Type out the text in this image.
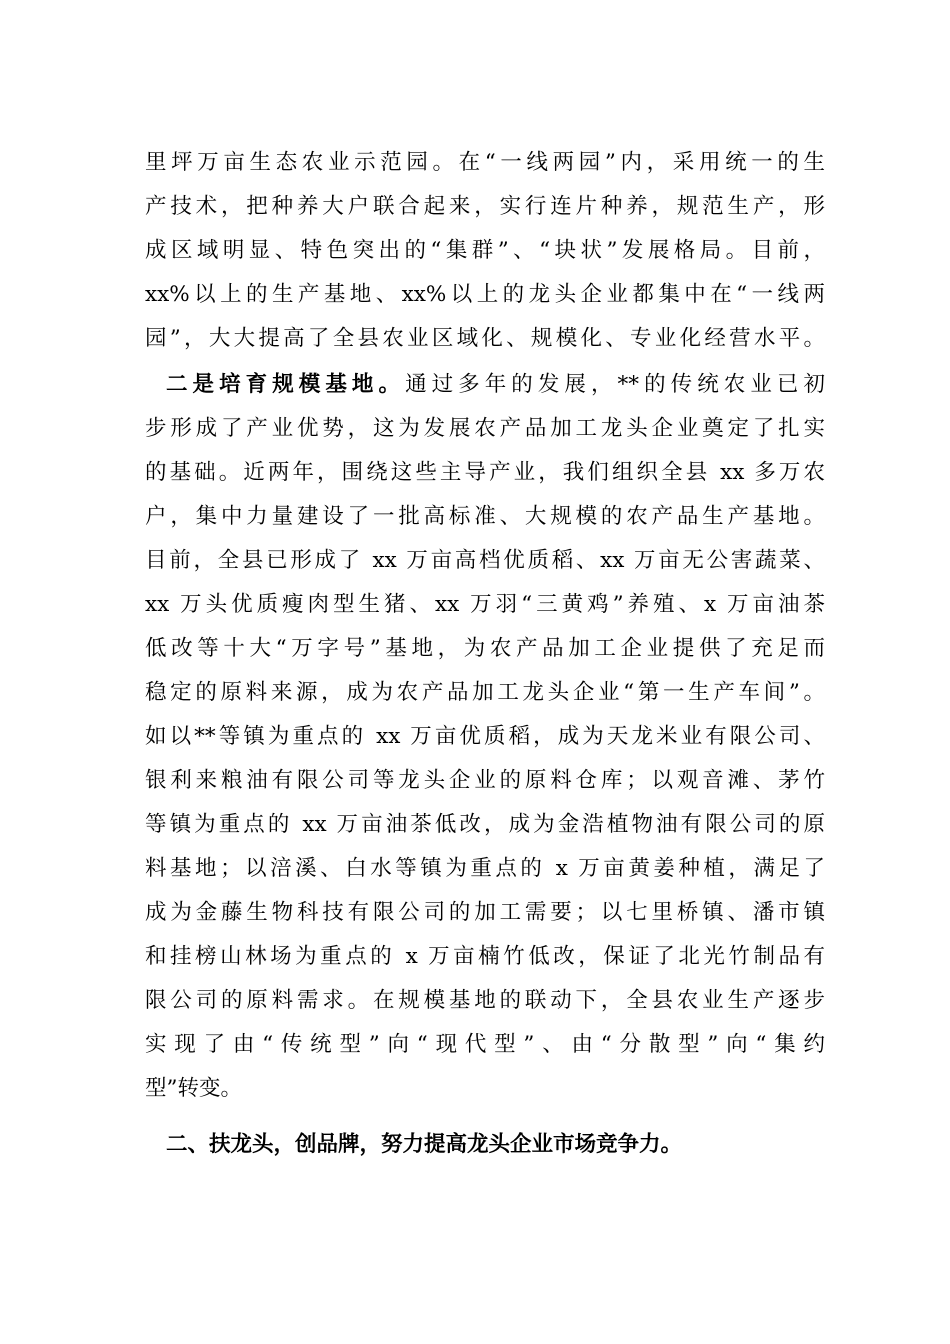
里坪万亩生态农业示范园。在“一线两园”内，采用统一的生
产技术，把种养大户联合起来，实行连片种养，规范生产，形
成区域明显、特色突出的“集群”、“块状”发展格局。目前，
xx%以上的生产基地、xx%以上的龙头企业都集中在“一线两
园”，大大提高了全县农业区域化、规模化、专业化经营水平。
二是培育规模基地。通过多年的发展，**的传统农业已初
步形成了产业优势，这为发展农产品加工龙头企业奠定了扎实
的基础。近两年，围绕这些主导产业，我们组织全县 xx 多万农
户，集中力量建设了一批高标准、大规模的农产品生产基地。
目前，全县已形成了 xx 万亩高档优质稻、xx 万亩无公害蔬菜、
xx 万头优质瘦肉型生猪、xx 万羽“三黄鸡”养殖、x 万亩油茶
低改等十大“万字号”基地，为农产品加工企业提供了充足而
稳定的原料来源，成为农产品加工龙头企业“第一生产车间”。
如以**等镇为重点的 xx 万亩优质稻，成为天龙米业有限公司、
银利来粮油有限公司等龙头企业的原料仓库；以观音滩、茅竹
等镇为重点的 xx 万亩油茶低改，成为金浩植物油有限公司的原
料基地；以涪溪、白水等镇为重点的 x 万亩黄姜种植，满足了
成为金藤生物科技有限公司的加工需要；以七里桥镇、潘市镇
和挂榜山林场为重点的 x 万亩楠竹低改，保证了北光竹制品有
限公司的原料需求。在规模基地的联动下，全县农业生产逐步
实现了由“传统型”向“现代型”、由“分散型”向“集约
型”转变。
二、扶龙头，创品牌，努力提高龙头企业市场竞争力。
